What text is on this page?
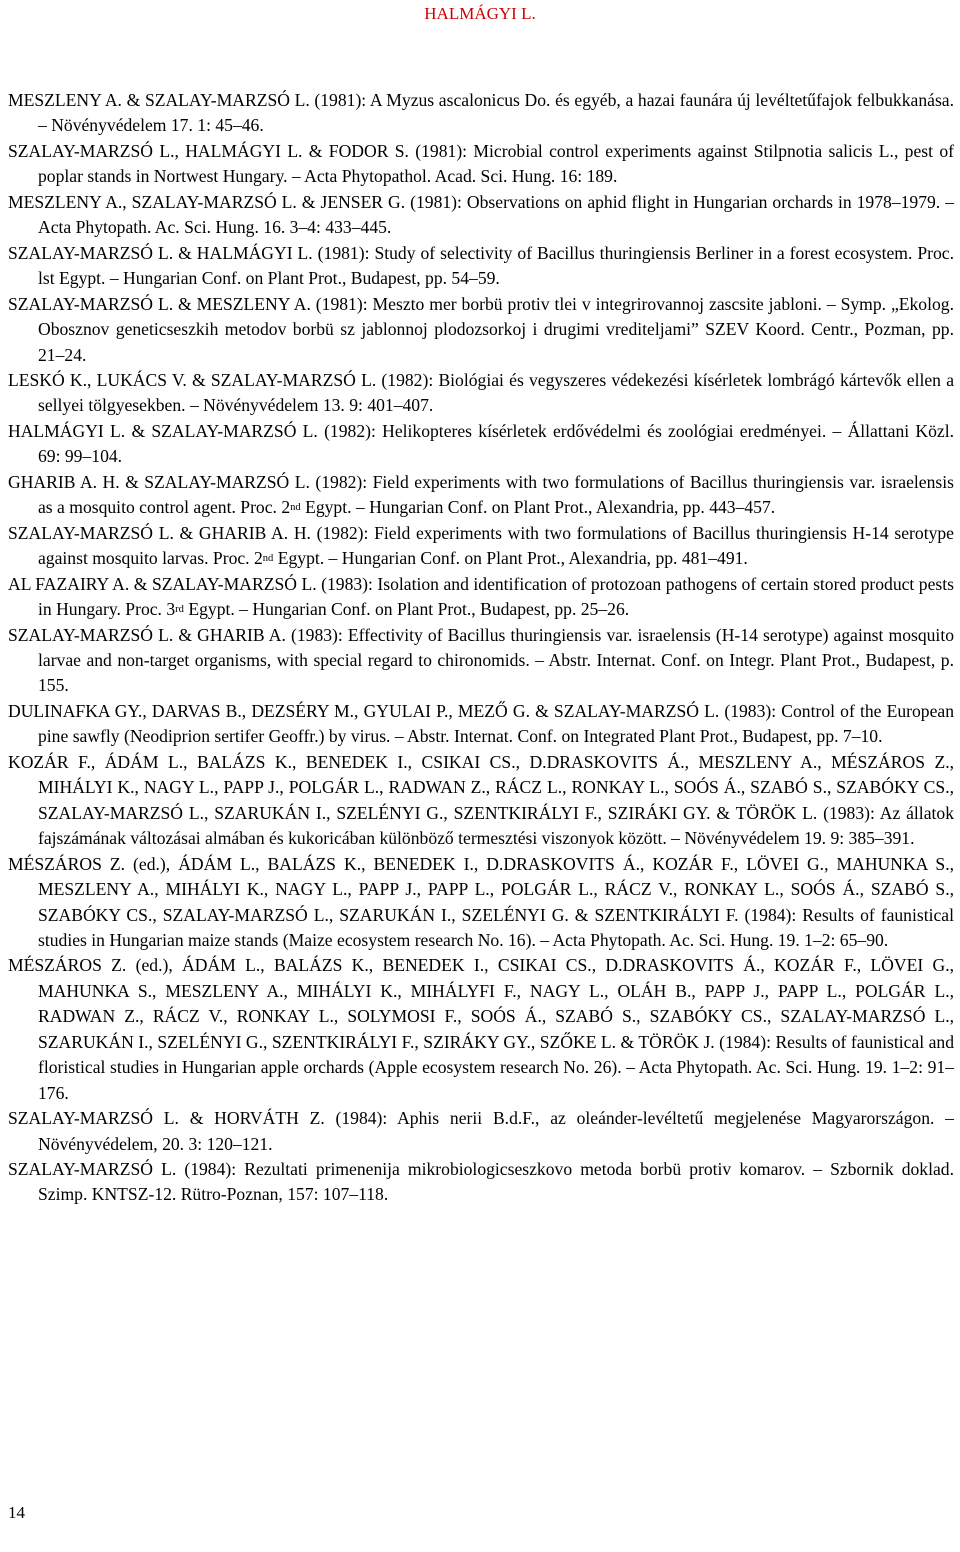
HALMÁGYI L.
MESZLENY A. & SZALAY-MARZSÓ L. (1981): A Myzus ascalonicus Do. és egyéb, a hazai faunára új levéltetűfajok felbukkanása. – Növényvédelem 17. 1: 45–46.
SZALAY-MARZSÓ L., HALMÁGYI L. & FODOR S. (1981): Microbial control experiments against Stilpnotia salicis L., pest of poplar stands in Nortwest Hungary. – Acta Phytopathol. Acad. Sci. Hung. 16: 189.
MESZLENY A., SZALAY-MARZSÓ L. & JENSER G. (1981): Observations on aphid flight in Hungarian orchards in 1978–1979. – Acta Phytopath. Ac. Sci. Hung. 16. 3–4: 433–445.
SZALAY-MARZSÓ L. & HALMÁGYI L. (1981): Study of selectivity of Bacillus thuringiensis Berliner in a forest ecosystem. Proc. lst Egypt. – Hungarian Conf. on Plant Prot., Budapest, pp. 54–59.
SZALAY-MARZSÓ L. & MESZLENY A. (1981): Meszto mer borbü protiv tlei v integrirovannoj zascsite jabloni. – Symp. „Ekolog. Obosznov geneticseszkih metodov borbü sz jablonnoj plodozsorkoj i drugimi vrediteljami” SZEV Koord. Centr., Pozman, pp. 21–24.
LESKÓ K., LUKÁCS V. & SZALAY-MARZSÓ L. (1982): Biológiai és vegyszeres védekezési kísérletek lombrágó kártevők ellen a sellyei tölgyesekben. – Növényvédelem 13. 9: 401–407.
HALMÁGYI L. & SZALAY-MARZSÓ L. (1982): Helikopteres kísérletek erdővédelmi és zoológiai eredményei. – Állattani Közl. 69: 99–104.
GHARIB A. H. & SZALAY-MARZSÓ L. (1982): Field experiments with two formulations of Bacillus thuringiensis var. israelensis as a mosquito control agent. Proc. 2nd Egypt. – Hungarian Conf. on Plant Prot., Alexandria, pp. 443–457.
SZALAY-MARZSÓ L. & GHARIB A. H. (1982): Field experiments with two formulations of Bacillus thuringiensis H-14 serotype against mosquito larvas. Proc. 2nd Egypt. – Hungarian Conf. on Plant Prot., Alexandria, pp. 481–491.
AL FAZAIRY A. & SZALAY-MARZSÓ L. (1983): Isolation and identification of protozoan pathogens of certain stored product pests in Hungary. Proc. 3rd Egypt. – Hungarian Conf. on Plant Prot., Budapest, pp. 25–26.
SZALAY-MARZSÓ L. & GHARIB A. (1983): Effectivity of Bacillus thuringiensis var. israelensis (H-14 serotype) against mosquito larvae and non-target organisms, with special regard to chironomids. – Abstr. Internat. Conf. on Integr. Plant Prot., Budapest, p. 155.
DULINAFKA GY., DARVAS B., DEZSÉRY M., GYULAI P., MEZŐ G. & SZALAY-MARZSÓ L. (1983): Control of the European pine sawfly (Neodiprion sertifer Geoffr.) by virus. – Abstr. Internat. Conf. on Integrated Plant Prot., Budapest, pp. 7–10.
KOZÁR F., ÁDÁM L., BALÁZS K., BENEDEK I., CSIKAI CS., D.DRASKOVITS Á., MESZLENY A., MÉSZÁROS Z., MIHÁLYI K., NAGY L., PAPP J., POLGÁR L., RADWAN Z., RÁCZ L., RONKAY L., SOÓS Á., SZABÓ S., SZABÓKY CS., SZALAY-MARZSÓ L., SZARUKÁN I., SZELÉNYI G., SZENTKIRÁLYI F., SZIRÁKI GY. & TÖRÖK L. (1983): Az állatok fajszámának változásai almában és kukoricában különböző termesztési viszonyok között. – Növényvédelem 19. 9: 385–391.
MÉSZÁROS Z. (ed.), ÁDÁM L., BALÁZS K., BENEDEK I., D.DRASKOVITS Á., KOZÁR F., LÖVEI G., MAHUNKA S., MESZLENY A., MIHÁLYI K., NAGY L., PAPP J., PAPP L., POLGÁR L., RÁCZ V., RONKAY L., SOÓS Á., SZABÓ S., SZABÓKY CS., SZALAY-MARZSÓ L., SZARUKÁN I., SZELÉNYI G. & SZENTKIRÁLYI F. (1984): Results of faunistical studies in Hungarian maize stands (Maize ecosystem research No. 16). – Acta Phytopath. Ac. Sci. Hung. 19. 1–2: 65–90.
MÉSZÁROS Z. (ed.), ÁDÁM L., BALÁZS K., BENEDEK I., CSIKAI CS., D.DRASKOVITS Á., KOZÁR F., LÖVEI G., MAHUNKA S., MESZLENY A., MIHÁLYI K., MIHÁLYFI F., NAGY L., OLÁH B., PAPP J., PAPP L., POLGÁR L., RADWAN Z., RÁCZ V., RONKAY L., SOLYMOSI F., SOÓS Á., SZABÓ S., SZABÓKY CS., SZALAY-MARZSÓ L., SZARUKÁN I., SZELÉNYI G., SZENTKIRÁLYI F., SZIRÁKY GY., SZŐKE L. & TÖRÖK J. (1984): Results of faunistical and floristical studies in Hungarian apple orchards (Apple ecosystem research No. 26). – Acta Phytopath. Ac. Sci. Hung. 19. 1–2: 91–176.
SZALAY-MARZSÓ L. & HORVÁTH Z. (1984): Aphis nerii B.d.F., az oleánder-levéltetű megjelenése Magyarországon. – Növényvédelem, 20. 3: 120–121.
SZALAY-MARZSÓ L. (1984): Rezultati primenenija mikrobiologicseszkovo metoda borbü protiv komarov. – Szbornik doklad. Szimp. KNTSZ-12. Rütro-Poznan, 157: 107–118.
14
